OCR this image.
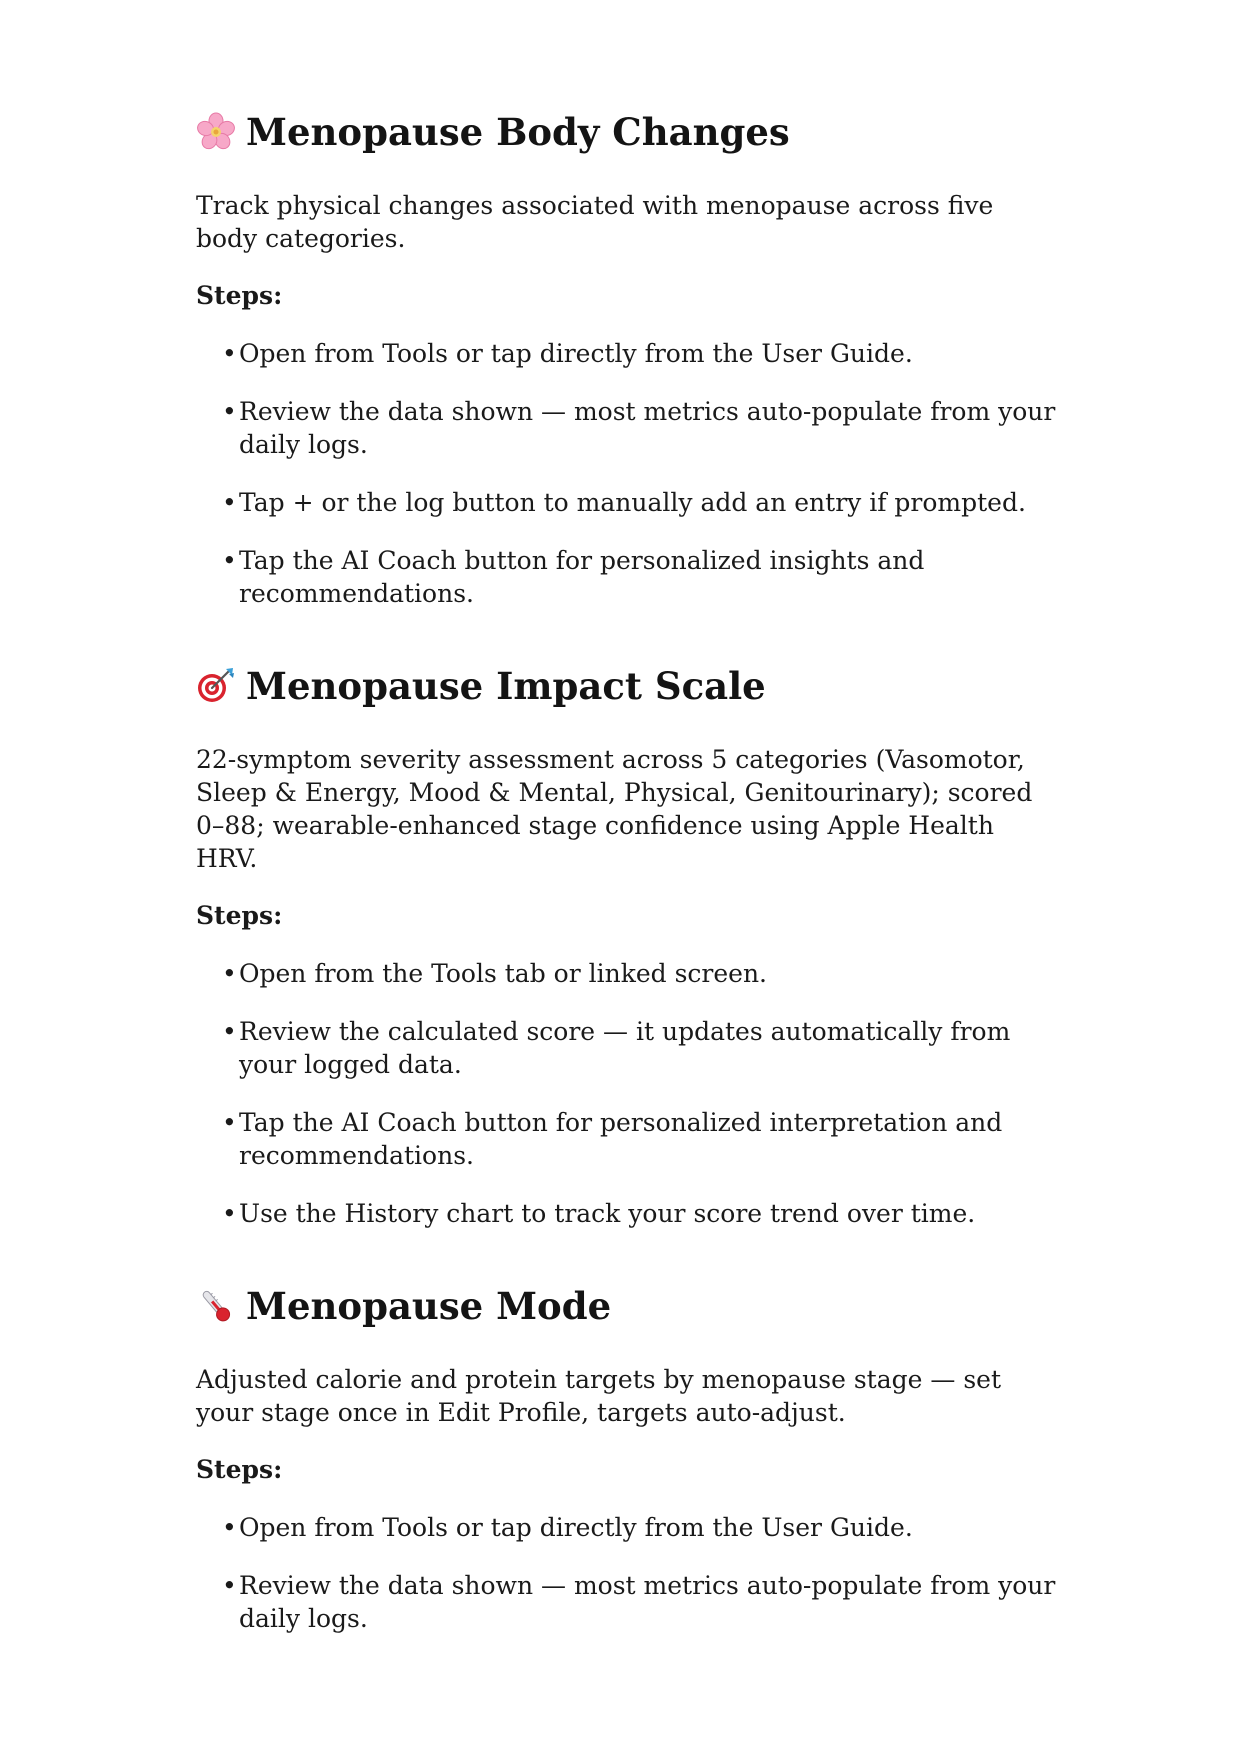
Menopause Body Changes

Track physical changes associated with menopause across five body categories.

Steps:

• Open from Tools or tap directly from the User Guide.
• Review the data shown — most metrics auto-populate from your daily logs.
• Tap + or the log button to manually add an entry if prompted.
• Tap the AI Coach button for personalized insights and recommendations.
Menopause Impact Scale

22-symptom severity assessment across 5 categories (Vasomotor, Sleep & Energy, Mood & Mental, Physical, Genitourinary); scored 0–88; wearable-enhanced stage confidence using Apple Health HRV.

Steps:

• Open from the Tools tab or linked screen.
• Review the calculated score — it updates automatically from your logged data.
• Tap the AI Coach button for personalized interpretation and recommendations.
• Use the History chart to track your score trend over time.
Menopause Mode

Adjusted calorie and protein targets by menopause stage — set your stage once in Edit Profile, targets auto-adjust.

Steps:

• Open from Tools or tap directly from the User Guide.
• Review the data shown — most metrics auto-populate from your daily logs.
